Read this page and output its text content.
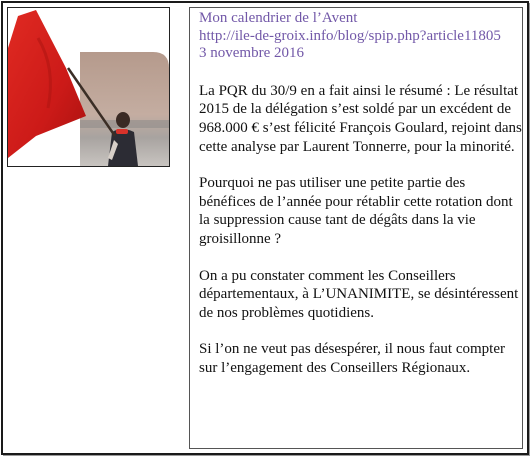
Mon calendrier de l’Avent
http://ile-de-groix.info/blog/spip.php?article11805
3 novembre 2016

La PQR du 30/9 en a fait ainsi le résumé : Le résultat 2015 de la délégation s’est soldé par un excédent de 968.000 € s’est félicité François Goulard, rejoint dans cette analyse par Laurent Tonnerre, pour la minorité.

Pourquoi ne pas utiliser une petite partie des bénéfices de l’année pour rétablir cette rotation dont la suppression cause tant de dégâts dans la vie groisillonne ?

On a pu constater comment les Conseillers départementaux, à L’UNANIMITE, se désintéressent de nos problèmes quotidiens.

Si l’on ne veut pas désespérer, il nous faut compter sur l’engagement des Conseillers Régionaux.
